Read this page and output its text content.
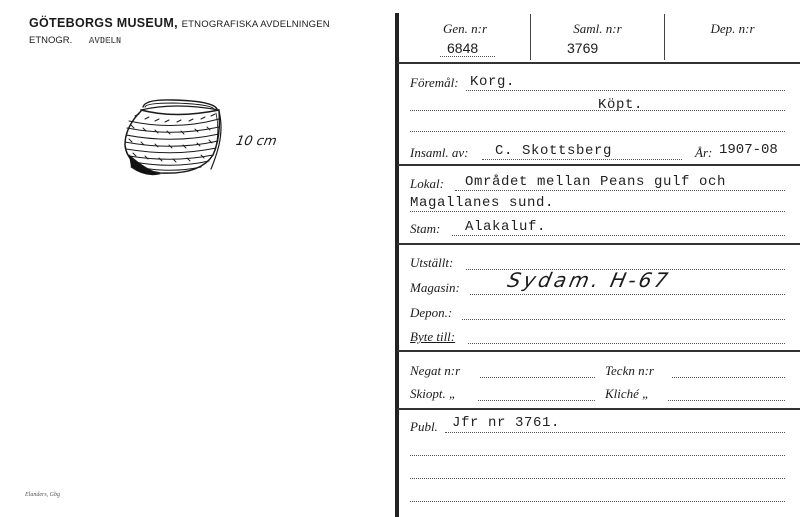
GÖTEBORGS MUSEUM, ETNOGRAFISKA AVDELNINGEN
ETNOGR. AVDELN
10 cm
Elanders, Gbg
Gen. n:r	Saml. n:r	Dep. n:r
6848	3769
Föremål: Korg.
Köpt.
Insaml. av: C. Skottsberg	År: 1907-08
Lokal: Området mellan Peans gulf och
Magallanes sund.
Stam: Alakaluf.
Utställt:
Magasin: Sydam. H-67
Depon.:
Byte till:
Negat n:r	Teckn n:r
Skiopt. „	Kliché „
Publ. Jfr nr 3761.
